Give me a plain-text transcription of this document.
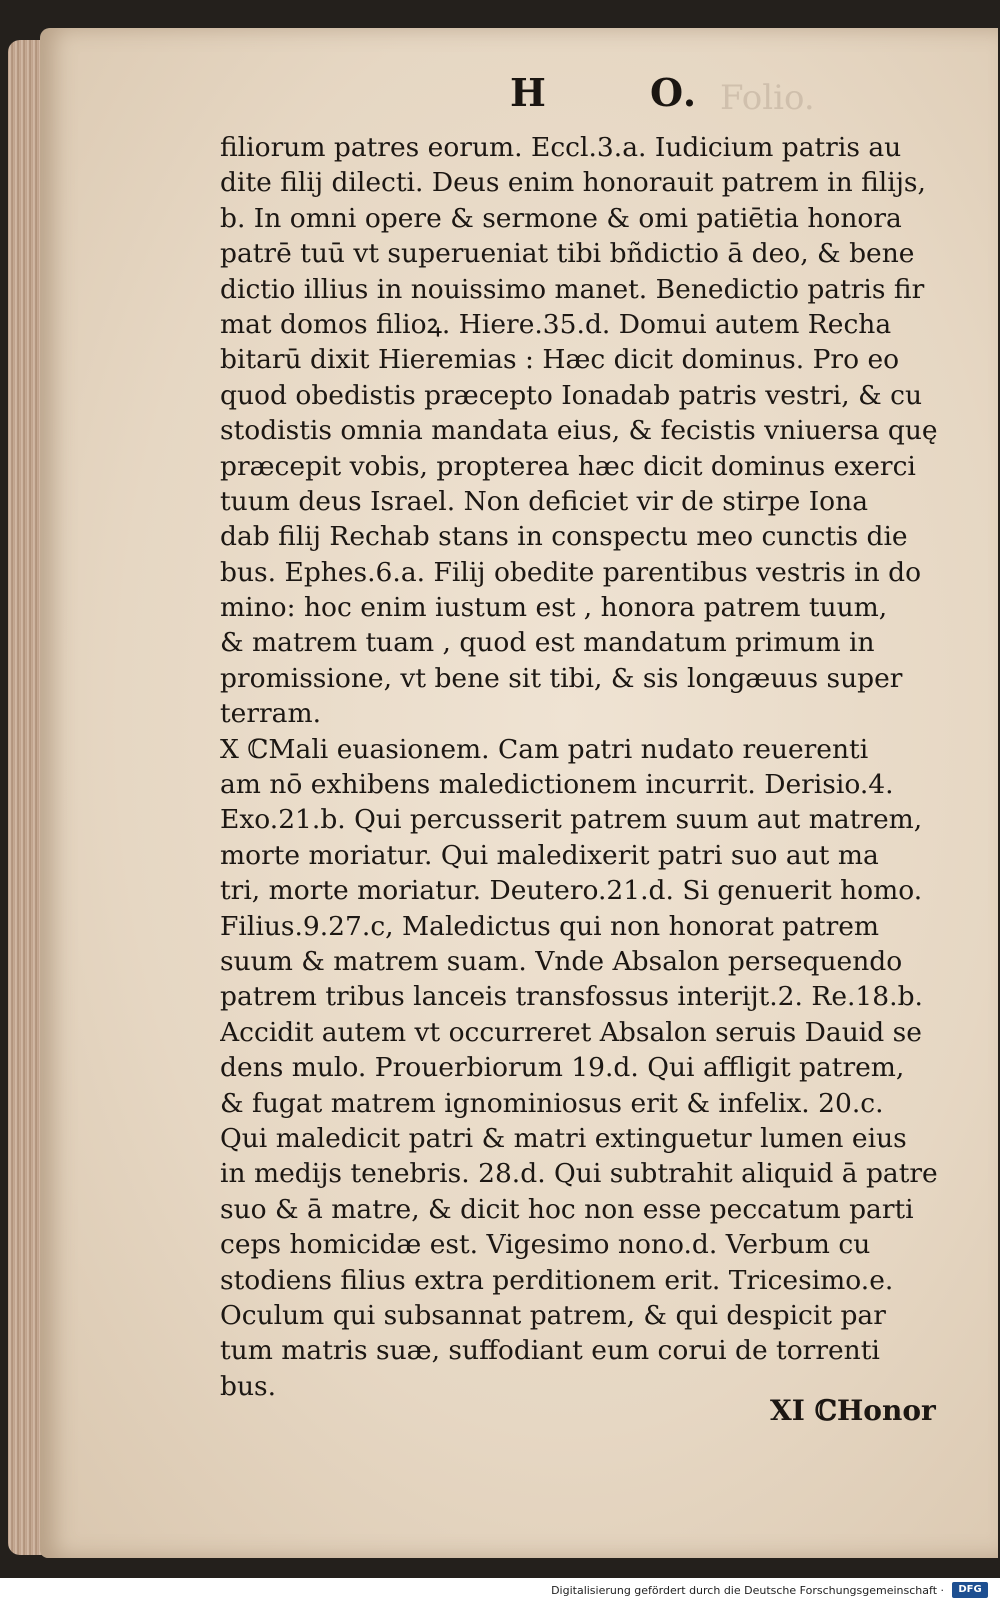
Folio.
H	O.
filiorum patres eorum. Eccl.3.a. Iudicium patris au
dite filij dilecti. Deus enim honorauit patrem in filijs,
b. In omni opere & sermone & omi patiētia honora
patrē tuū vt superueniat tibi bñdictio ā deo, & bene
dictio illius in nouissimo manet. Benedictio patris fir
mat domos filioꝝ. Hiere.35.d. Domui autem Recha
bitarū dixit Hieremias : Hæc dicit dominus. Pro eo
quod obedistis præcepto Ionadab patris vestri, & cu
stodistis omnia mandata eius, & fecistis vniuersa quę
præcepit vobis, propterea hæc dicit dominus exerci
tuum deus Israel. Non deficiet vir de stirpe Iona
dab filij Rechab stans in conspectu meo cunctis die
bus. Ephes.6.a. Filij obedite parentibus vestris in do
mino: hoc enim iustum est , honora patrem tuum,
& matrem tuam , quod est mandatum primum in
promissione, vt bene sit tibi, & sis longæuus super
terram.
X ℂMali euasionem. Cam patri nudato reuerenti
am nō exhibens maledictionem incurrit. Derisio.4.
Exo.21.b. Qui percusserit patrem suum aut matrem,
morte moriatur. Qui maledixerit patri suo aut ma
tri, morte moriatur. Deutero.21.d. Si genuerit homo.
Filius.9.27.c, Maledictus qui non honorat patrem
suum & matrem suam. Vnde Absalon persequendo
patrem tribus lanceis transfossus interijt.2. Re.18.b.
Accidit autem vt occurreret Absalon seruis Dauid se
dens mulo. Prouerbiorum 19.d. Qui affligit patrem,
& fugat matrem ignominiosus erit & infelix. 20.c.
Qui maledicit patri & matri extinguetur lumen eius
in medijs tenebris. 28.d. Qui subtrahit aliquid ā patre
suo & ā matre, & dicit hoc non esse peccatum parti
ceps homicidæ est. Vigesimo nono.d. Verbum cu
stodiens filius extra perditionem erit. Tricesimo.e.
Oculum qui subsannat patrem, & qui despicit par
tum matris suæ, suffodiant eum corui de torrenti
bus.
XI ℂHonor
Digitalisierung gefördert durch die Deutsche Forschungsgemeinschaft ·	DFG
